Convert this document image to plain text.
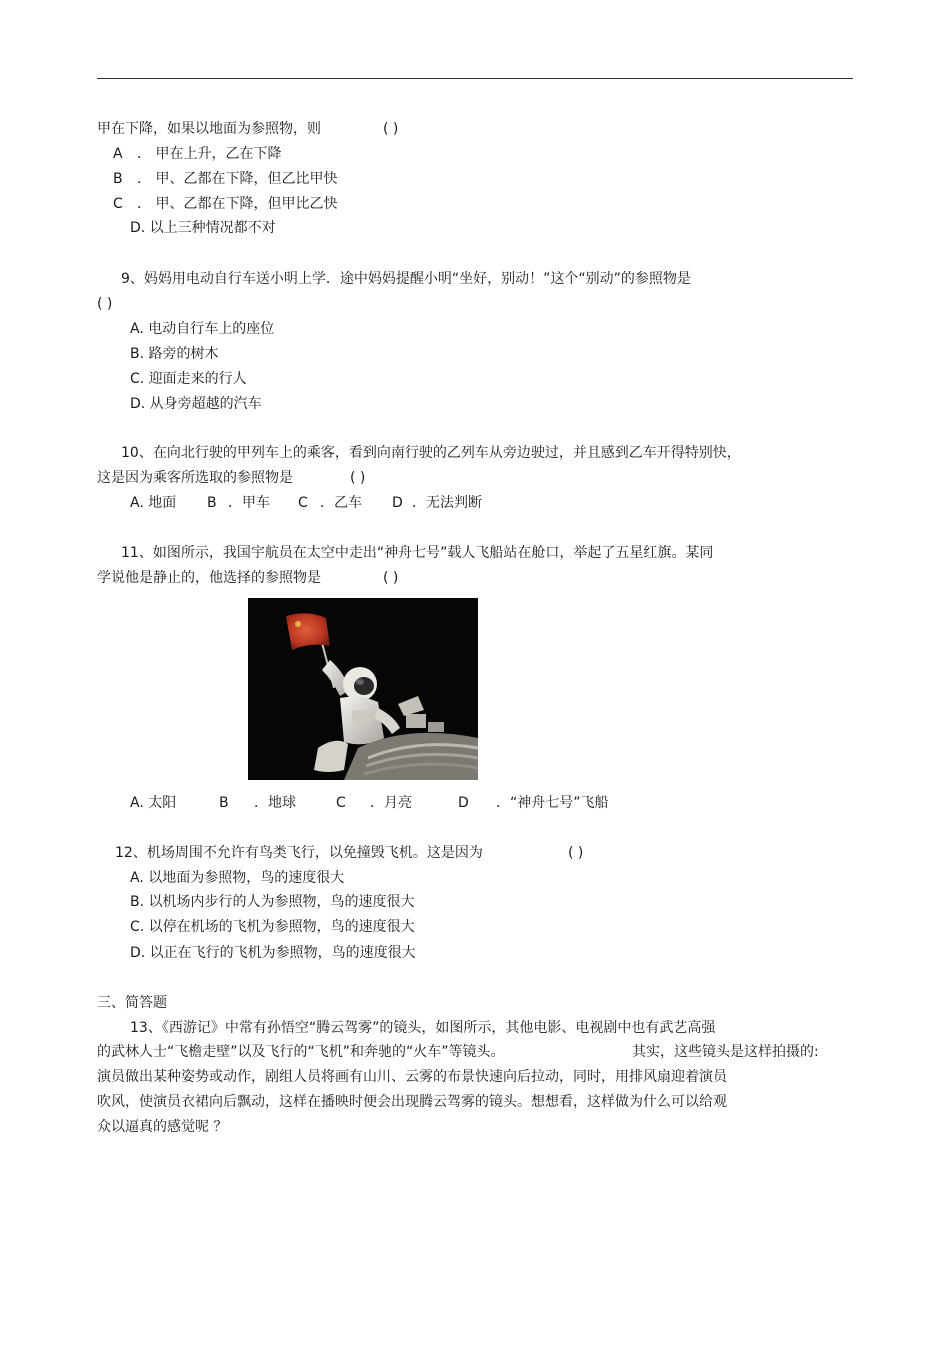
甲在下降，如果以地面为参照物，则	( )
A ． 甲在上升，乙在下降
B ． 甲、乙都在下降，但乙比甲快
C ． 甲、乙都在下降，但甲比乙快
D. 以上三种情况都不对
9、妈妈用电动自行车送小明上学．途中妈妈提醒小明“坐好，别动！”这个“别动”的参照物是
( )
A. 电动自行车上的座位
B. 路旁的树木
C. 迎面走来的行人
D. 从身旁超越的汽车
10、在向北行驶的甲列车上的乘客，看到向南行驶的乙列车从旁边驶过，并且感到乙车开得特别快，
这是因为乘客所选取的参照物是	( )
A. 地面 B ．甲车 C ．乙车 D ．无法判断
11、如图所示，我国宇航员在太空中走出“神舟七号”载人飞船站在舱口，举起了五星红旗。某同
学说他是静止的，他选择的参照物是	( )
A. 太阳	B ．地球	C ．月亮	D ．“神舟七号”飞船
12、机场周围不允许有鸟类飞行，以免撞毁飞机。这是因为	( )
A. 以地面为参照物，鸟的速度很大
B. 以机场内步行的人为参照物，鸟的速度很大
C. 以停在机场的飞机为参照物，鸟的速度很大
D. 以正在飞行的飞机为参照物，鸟的速度很大
三、简答题
13、《西游记》中常有孙悟空“腾云驾雾”的镜头，如图所示，其他电影、电视剧中也有武艺高强
的武林人士“飞檐走壁”以及飞行的“飞机”和奔驰的“火车”等镜头。	其实，这些镜头是这样拍摄的:
演员做出某种姿势或动作，剧组人员将画有山川、云雾的布景快速向后拉动，同时，用排风扇迎着演员
吹风，使演员衣裙向后飘动，这样在播映时便会出现腾云驾雾的镜头。想想看，这样做为什么可以给观
众以逼真的感觉呢 ？
